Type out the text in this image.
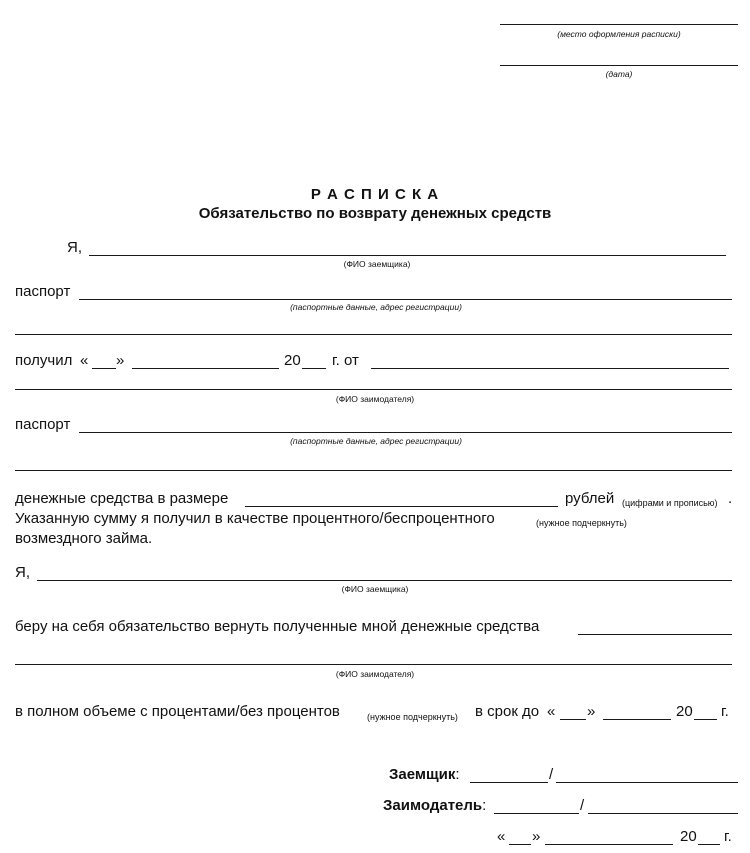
(место оформления расписки)
(дата)
Р А С П И С К А
Обязательство по возврату денежных средств
Я,
(ФИО заемщика)
паспорт
(паспортные данные, адрес регистрации)
получил « »	20 г. от
(ФИО заимодателя)
паспорт
(паспортные данные, адрес регистрации)
денежные средства в размере	рублей (цифрами и прописью) .
Указанную сумму я получил в качестве процентного/беспроцентного	(нужное подчеркнуть)
возмездного займа.
Я,
(ФИО заемщика)
беру на себя обязательство вернуть полученные мной денежные средства
(ФИО заимодателя)
в полном объеме с процентами/без процентов	(нужное подчеркнуть) в срок до « »	20 г.
Заемщик:	/
Заимодатель:	/
« »	20 г.
